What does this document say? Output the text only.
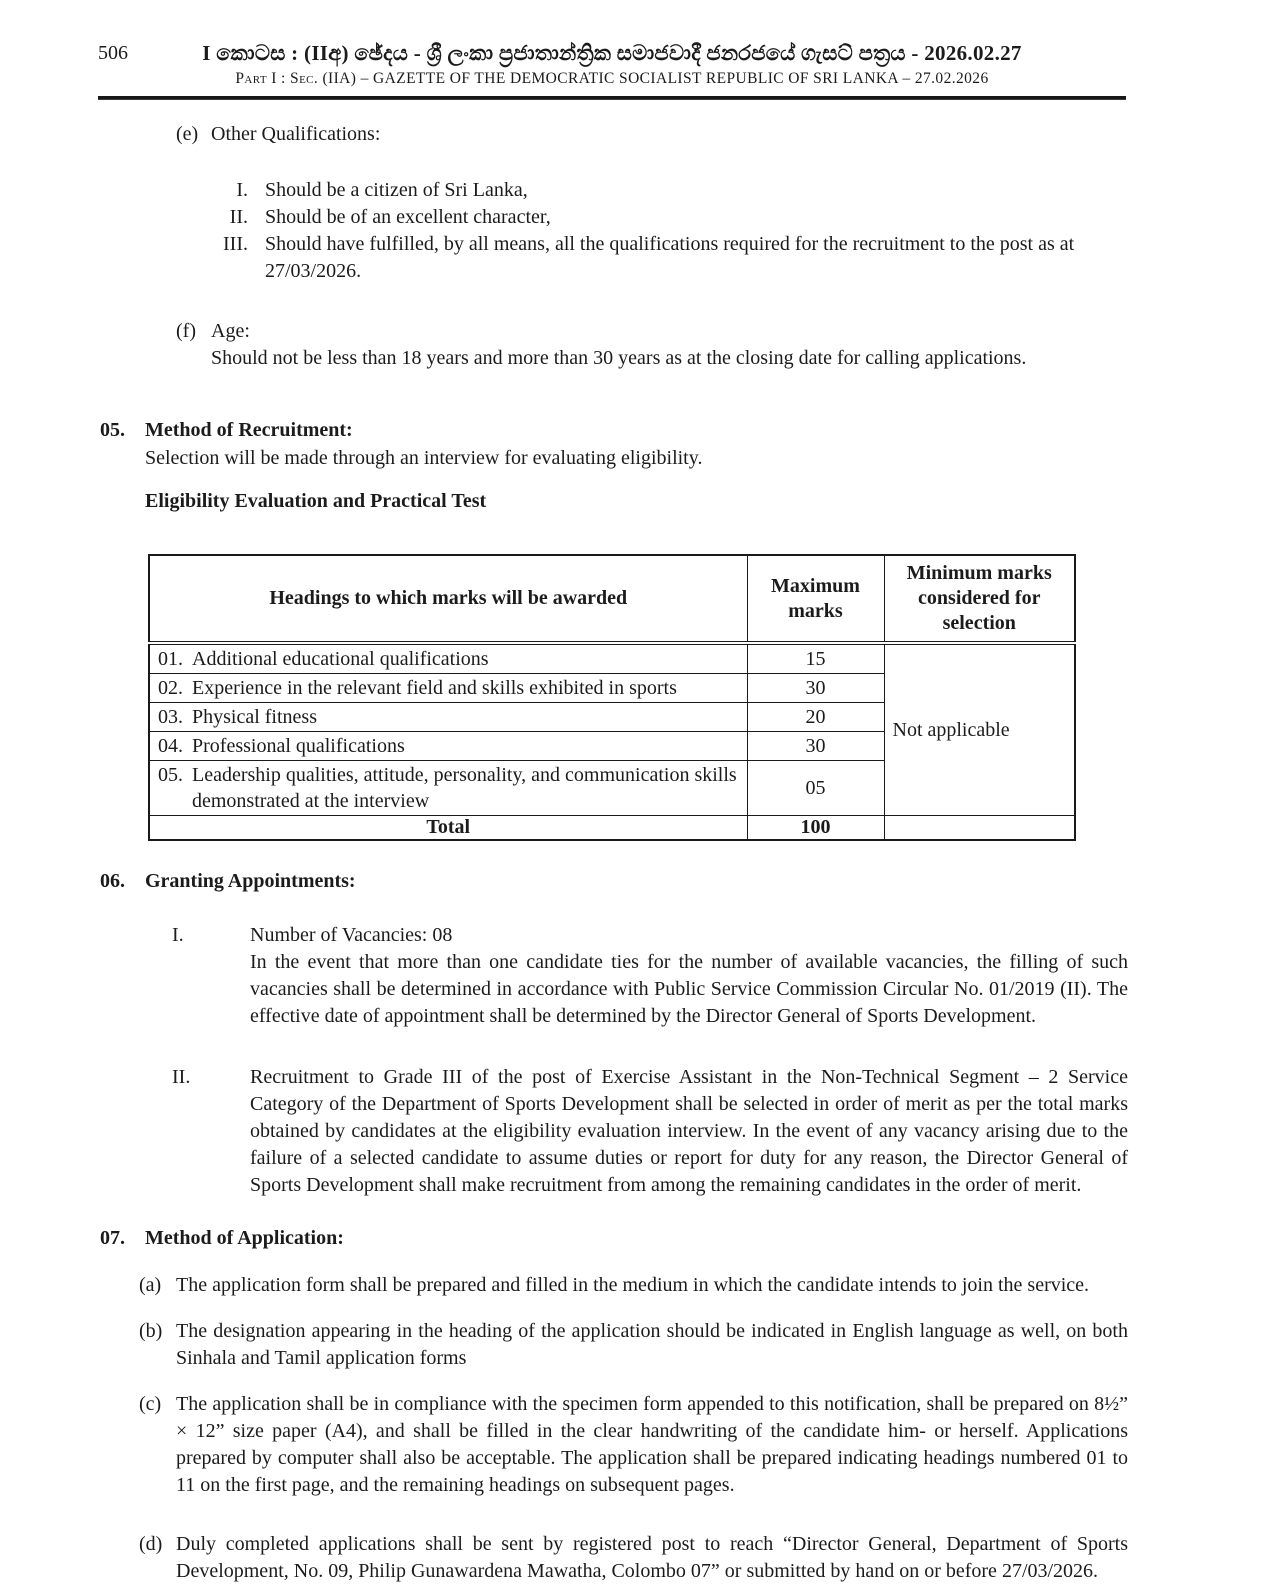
506	I කොටස : (IIඅ) ඡේදය - ශ්‍රී ලංකා ප්‍රජාතාන්ත්‍රික සමාජවාදී ජනරජයේ ගැසට් පත්‍රය - 2026.02.27
Part I : Sec. (IIA) – GAZETTE OF THE DEMOCRATIC SOCIALIST REPUBLIC OF SRI LANKA – 27.02.2026
(e) Other Qualifications:
I. Should be a citizen of Sri Lanka,
II. Should be of an excellent character,
III. Should have fulfilled, by all means, all the qualifications required for the recruitment to the post as at 27/03/2026.
(f) Age:
Should not be less than 18 years and more than 30 years as at the closing date for calling applications.
05.	Method of Recruitment:
Selection will be made through an interview for evaluating eligibility.
Eligibility Evaluation and Practical Test
Headings to which marks will be awarded	Maximum marks	Minimum marks considered for selection

01. Additional educational qualifications	15	Not applicable

02. Experience in the relevant field and skills exhibited in sports	30	

03. Physical fitness	20	

04. Professional qualifications	30	

05. Leadership qualities, attitude, personality, and communication skills demonstrated at the interview	05	
Total	100	
06.	Granting Appointments:
I.	Number of Vacancies: 08

In the event that more than one candidate ties for the number of available vacancies, the filling of such vacancies shall be determined in accordance with Public Service Commission Circular No. 01/2019 (II). The effective date of appointment shall be determined by the Director General of Sports Development.

II.	Recruitment to Grade III of the post of Exercise Assistant in the Non-Technical Segment – 2 Service Category of the Department of Sports Development shall be selected in order of merit as per the total marks obtained by candidates at the eligibility evaluation interview. In the event of any vacancy arising due to the failure of a selected candidate to assume duties or report for duty for any reason, the Director General of Sports Development shall make recruitment from among the remaining candidates in the order of merit.

07.	Method of Application:
(a) The application form shall be prepared and filled in the medium in which the candidate intends to join the service.
(b) The designation appearing in the heading of the application should be indicated in English language as well, on both Sinhala and Tamil application forms
(c) The application shall be in compliance with the specimen form appended to this notification, shall be prepared on 8½” × 12” size paper (A4), and shall be filled in the clear handwriting of the candidate him- or herself. Applications prepared by computer shall also be acceptable. The application shall be prepared indicating headings numbered 01 to 11 on the first page, and the remaining headings on subsequent pages.
(d) Duly completed applications shall be sent by registered post to reach “Director General, Department of Sports Development, No. 09, Philip Gunawardena Mawatha, Colombo 07” or submitted by hand on or before 27/03/2026.
